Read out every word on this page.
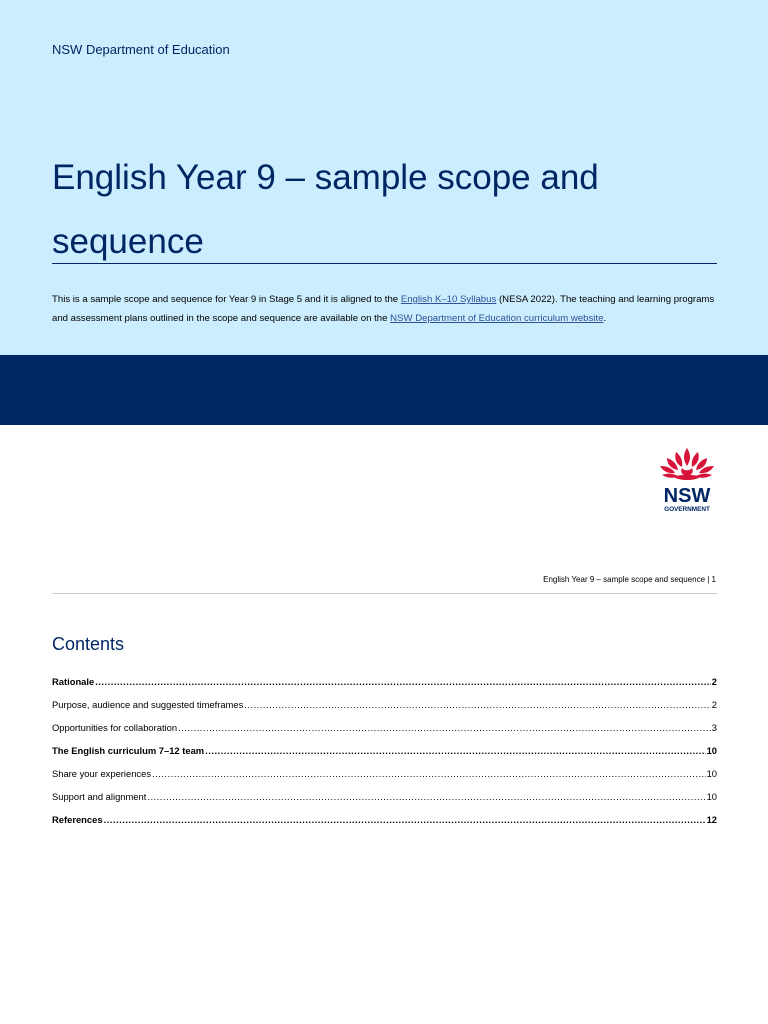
NSW Department of Education
English Year 9 – sample scope and sequence

This is a sample scope and sequence for Year 9 in Stage 5 and it is aligned to the English K–10 Syllabus (NESA 2022). The teaching and learning programs and assessment plans outlined in the scope and sequence are available on the NSW Department of Education curriculum website.

NSW
GOVERNMENT
English Year 9 – sample scope and sequence | 1
Contents
Rationale .....	2
Purpose, audience and suggested timeframes .....	2
Opportunities for collaboration .....	3
The English curriculum 7–12 team .....	10
Share your experiences .....	10
Support and alignment .....	10
References .....	12
